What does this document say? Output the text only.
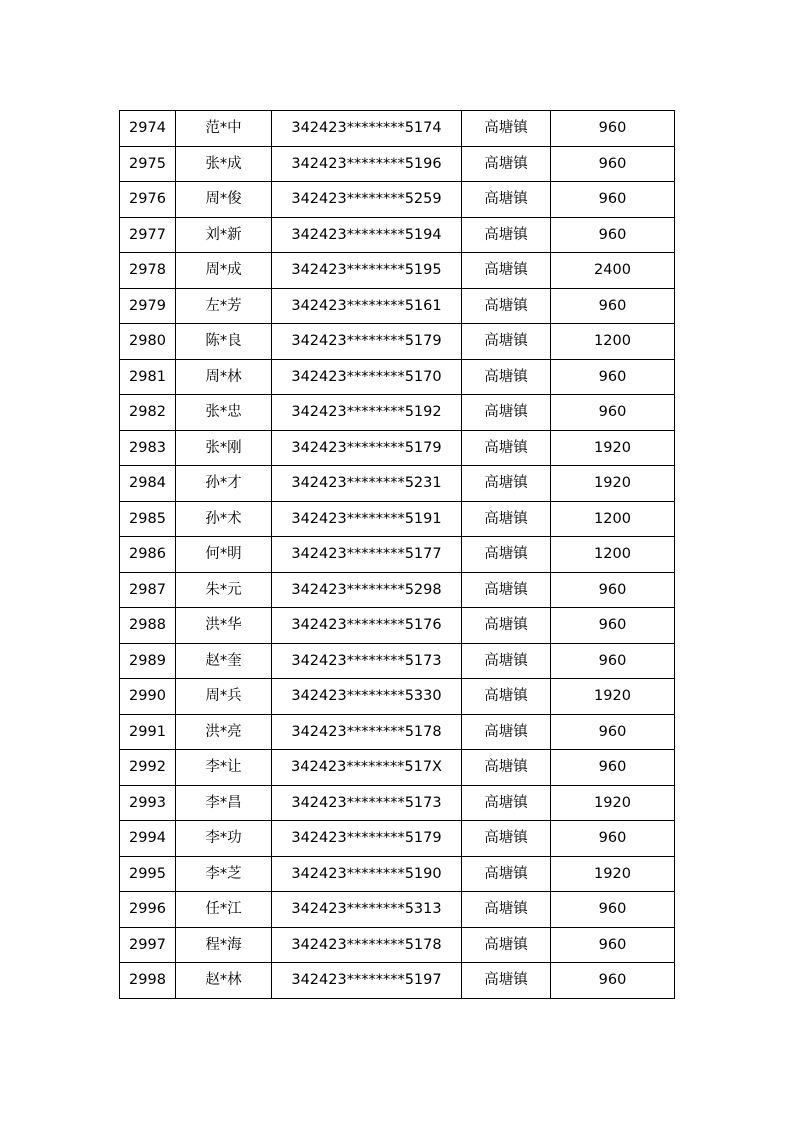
2974	范*中	342423********5174	高塘镇	960
2975	张*成	342423********5196	高塘镇	960
2976	周*俊	342423********5259	高塘镇	960
2977	刘*新	342423********5194	高塘镇	960
2978	周*成	342423********5195	高塘镇	2400
2979	左*芳	342423********5161	高塘镇	960
2980	陈*良	342423********5179	高塘镇	1200
2981	周*林	342423********5170	高塘镇	960
2982	张*忠	342423********5192	高塘镇	960
2983	张*刚	342423********5179	高塘镇	1920
2984	孙*才	342423********5231	高塘镇	1920
2985	孙*术	342423********5191	高塘镇	1200
2986	何*明	342423********5177	高塘镇	1200
2987	朱*元	342423********5298	高塘镇	960
2988	洪*华	342423********5176	高塘镇	960
2989	赵*奎	342423********5173	高塘镇	960
2990	周*兵	342423********5330	高塘镇	1920
2991	洪*亮	342423********5178	高塘镇	960
2992	李*让	342423********517X	高塘镇	960
2993	李*昌	342423********5173	高塘镇	1920
2994	李*功	342423********5179	高塘镇	960
2995	李*芝	342423********5190	高塘镇	1920
2996	任*江	342423********5313	高塘镇	960
2997	程*海	342423********5178	高塘镇	960
2998	赵*林	342423********5197	高塘镇	960
